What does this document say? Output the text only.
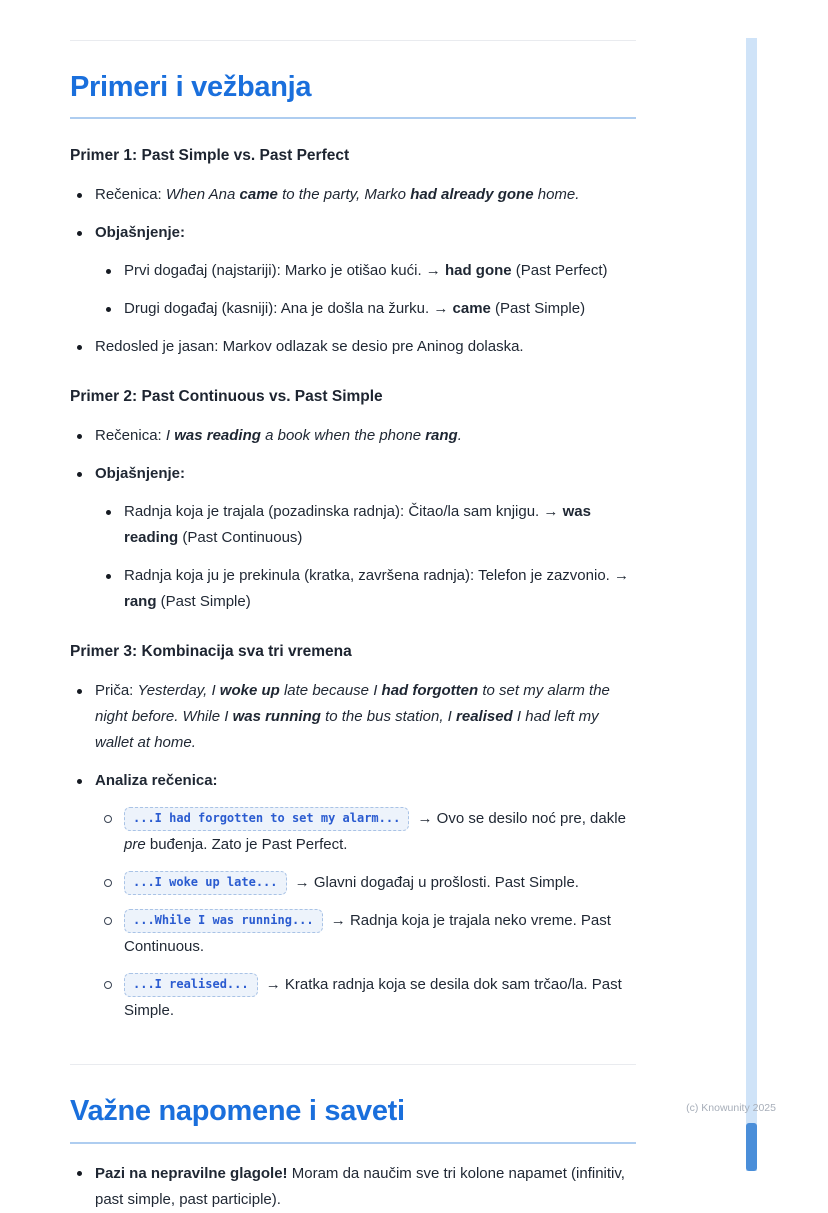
Primeri i vežbanja
Primer 1: Past Simple vs. Past Perfect
Rečenica: When Ana came to the party, Marko had already gone home.
Objašnjenje:
Prvi događaj (najstariji): Marko je otišao kući. → had gone (Past Perfect)
Drugi događaj (kasniji): Ana je došla na žurku. → came (Past Simple)
Redosled je jasan: Markov odlazak se desio pre Aninog dolaska.
Primer 2: Past Continuous vs. Past Simple
Rečenica: I was reading a book when the phone rang.
Objašnjenje:
Radnja koja je trajala (pozadinska radnja): Čitao/la sam knjigu. → was reading (Past Continuous)
Radnja koja ju je prekinula (kratka, završena radnja): Telefon je zazvonio. → rang (Past Simple)
Primer 3: Kombinacija sva tri vremena
Priča: Yesterday, I woke up late because I had forgotten to set my alarm the night before. While I was running to the bus station, I realised I had left my wallet at home.
Analiza rečenica:
...I had forgotten to set my alarm... → Ovo se desilo noć pre, dakle pre buđenja. Zato je Past Perfect.
...I woke up late... → Glavni događaj u prošlosti. Past Simple.
...While I was running... → Radnja koja je trajala neko vreme. Past Continuous.
...I realised... → Kratka radnja koja se desila dok sam trčao/la. Past Simple.
Važne napomene i saveti
Pazi na nepravilne glagole! Moram da naučim sve tri kolone napamet (infinitiv, past simple, past participle).
(c) Knowunity 2025
